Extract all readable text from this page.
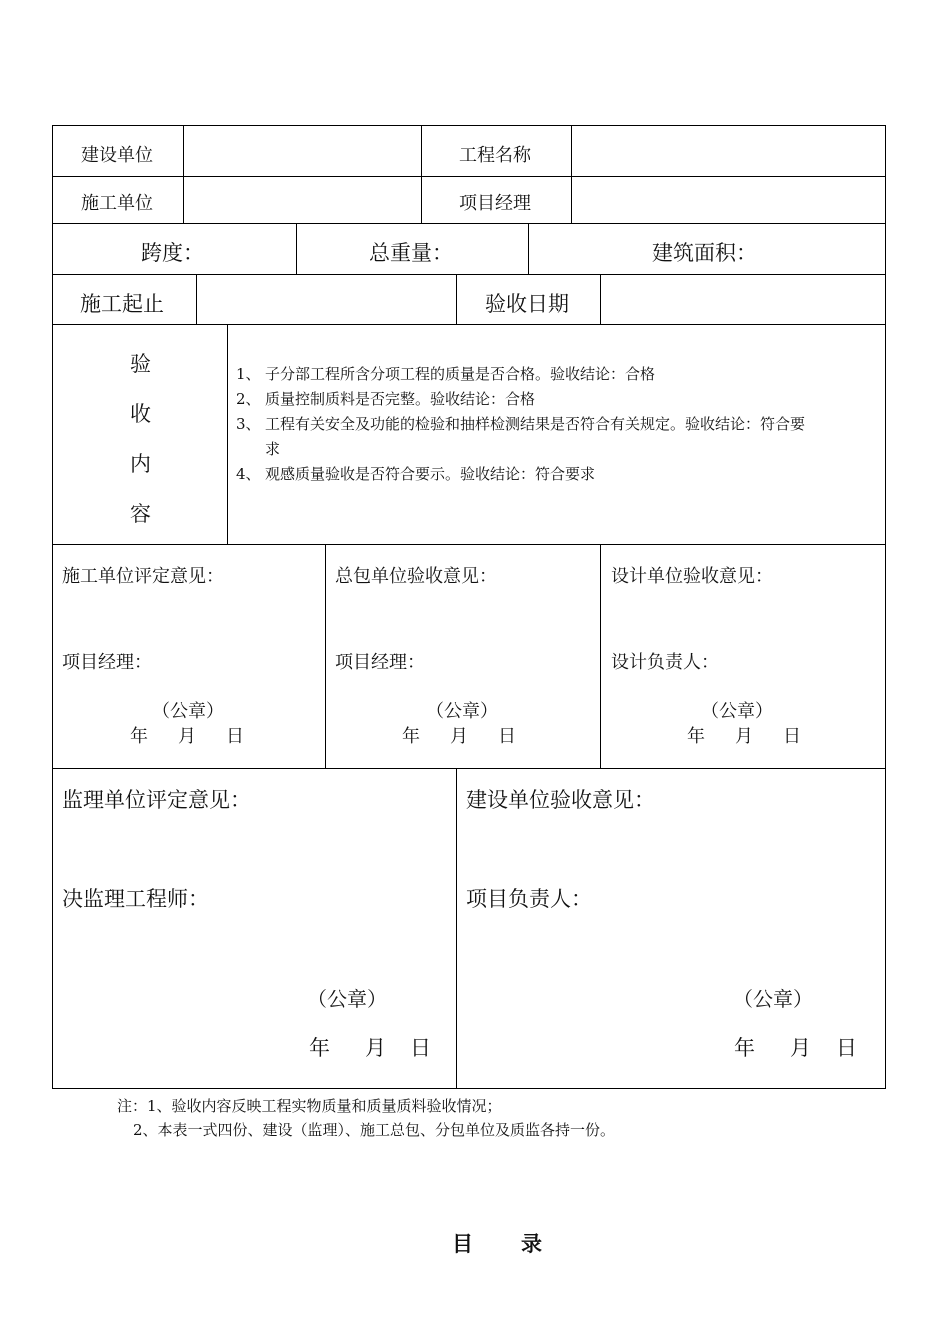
建设单位	工程名称
施工单位	项目经理
跨度：	总重量：	建筑面积：
施工起止	验收日期
验
收
内
容
1、 子分部工程所含分项工程的质量是否合格。验收结论：合格
2、 质量控制质料是否完整。验收结论：合格
3、 工程有关安全及功能的检验和抽样检测结果是否符合有关规定。验收结论：符合要
求
4、 观感质量验收是否符合要示。验收结论：符合要求
施工单位评定意见：
项目经理：
（公章）
年 月 日
总包单位验收意见：
项目经理：
（公章）
年 月 日
设计单位验收意见：
设计负责人：
（公章）
年 月 日
监理单位评定意见：
决监理工程师：
（公章）
年 月 日
建设单位验收意见：
项目负责人：
（公章）
年 月 日
注：1、验收内容反映工程实物质量和质量质料验收情况；
2、本表一式四份、建设（监理）、施工总包、分包单位及质监各持一份。
目　　录
